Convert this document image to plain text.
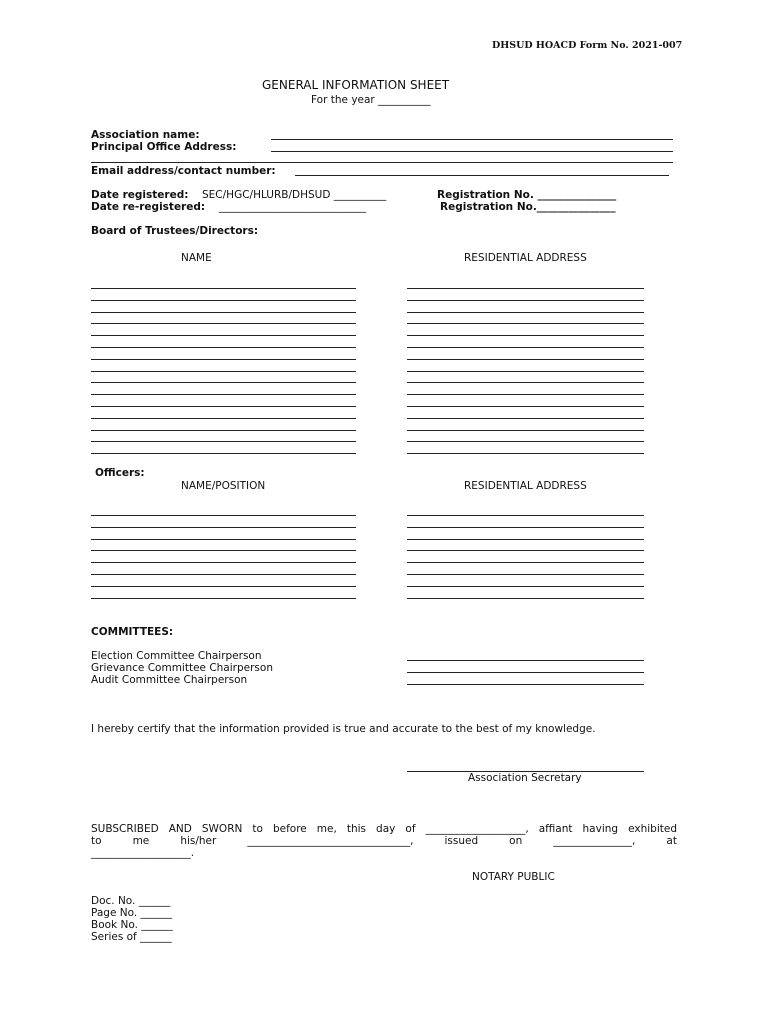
DHSUD HOACD Form No. 2021-007
GENERAL INFORMATION SHEET
For the year __________
Association name:
Principal Office Address:
Email address/contact number:
Date registered: SEC/HGC/HLURB/DHSUD __________	Registration No. _______________
Date re-registered: ____________________________	Registration No._______________
Board of Trustees/Directors:
NAME	RESIDENTIAL ADDRESS
Officers:
NAME/POSITION	RESIDENTIAL ADDRESS
COMMITTEES:
Election Committee Chairperson
Grievance Committee Chairperson
Audit Committee Chairperson
I hereby certify that the information provided is true and accurate to the best of my knowledge.
Association Secretary
SUBSCRIBED AND SWORN to before me, this day of ___________________, affiant having exhibited
to me his/her _______________________________, issued on _______________, at
___________________.
NOTARY PUBLIC
Doc. No. ______
Page No. ______
Book No. ______
Series of ______
